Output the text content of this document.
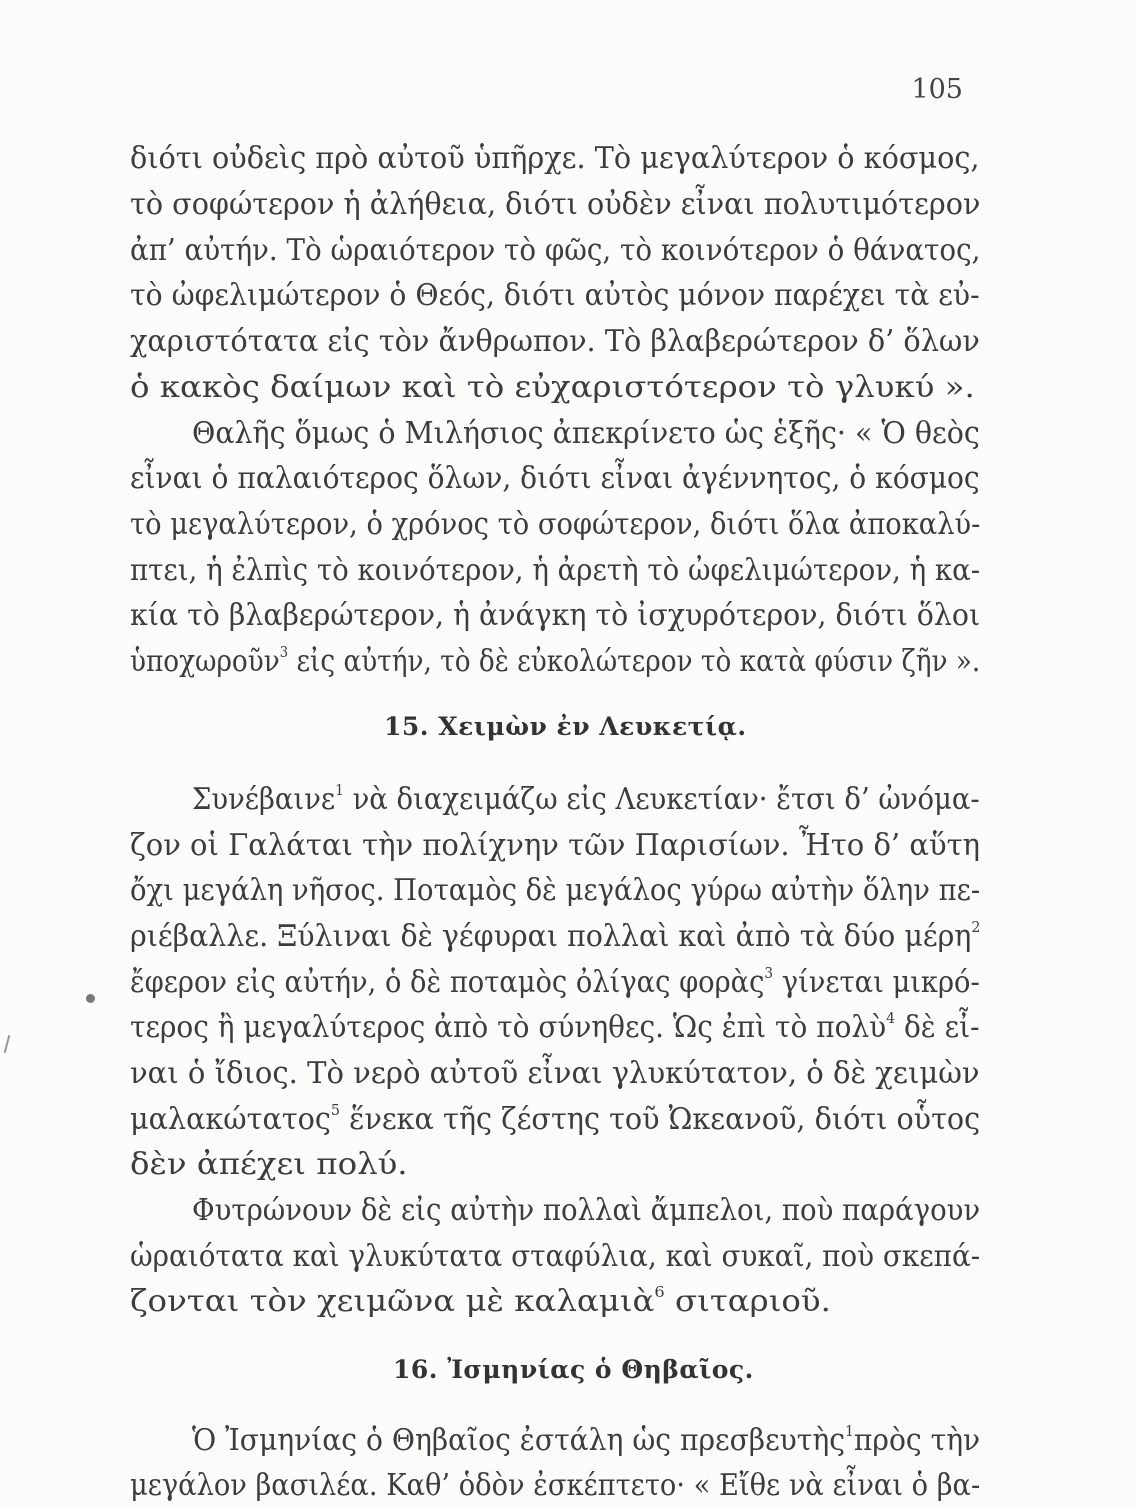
105
διότι οὐδεὶς πρὸ αὐτοῦ ὑπῆρχε. Τὸ μεγαλύτερον ὁ κόσμος,
τὸ σοφώτερον ἡ ἀλήθεια, διότι οὐδὲν εἶναι πολυτιμότερον
ἀπ’ αὐτήν. Τὸ ὡραιότερον τὸ φῶς, τὸ κοινότερον ὁ θάνατος,
τὸ ὠφελιμώτερον ὁ Θεός, διότι αὐτὸς μόνον παρέχει τὰ εὐ-
χαριστότατα εἰς τὸν ἄνθρωπον. Τὸ βλαβερώτερον δ’ ὅλων
ὁ κακὸς δαίμων καὶ τὸ εὐχαριστότερον τὸ γλυκύ ».
Θαλῆς ὅμως ὁ Μιλήσιος ἀπεκρίνετο ὡς ἑξῆς· « Ὁ θεὸς
εἶναι ὁ παλαιότερος ὅλων, διότι εἶναι ἀγέννητος, ὁ κόσμος
τὸ μεγαλύτερον, ὁ χρόνος τὸ σοφώτερον, διότι ὅλα ἀποκαλύ-
πτει, ἡ ἐλπὶς τὸ κοινότερον, ἡ ἀρετὴ τὸ ὠφελιμώτερον, ἡ κα-
κία τὸ βλαβερώτερον, ἡ ἀνάγκη τὸ ἰσχυρότερον, διότι ὅλοι
ὑποχωροῦν$^3$ εἰς αὐτήν, τὸ δὲ εὐκολώτερον τὸ κατὰ φύσιν ζῆν ».
15. Χειμὼν ἐν Λευκετίᾳ.
Συνέβαινε$^1$ νὰ διαχειμάζω εἰς Λευκετίαν· ἔτσι δ’ ὠνόμα-
ζον οἱ Γαλάται τὴν πολίχνην τῶν Παρισίων. Ἦτο δ’ αὕτη
ὄχι μεγάλη νῆσος. Ποταμὸς δὲ μεγάλος γύρω αὐτὴν ὅλην πε-
ριέβαλλε. Ξύλιναι δὲ γέφυραι πολλαὶ καὶ ἀπὸ τὰ δύο μέρη$^2$
ἔφερον εἰς αὐτήν, ὁ δὲ ποταμὸς ὀλίγας φορὰς$^3$ γίνεται μικρό-
τερος ἢ μεγαλύτερος ἀπὸ τὸ σύνηθες. Ὡς ἐπὶ τὸ πολὺ$^4$ δὲ εἶ-
ναι ὁ ἴδιος. Τὸ νερὸ αὐτοῦ εἶναι γλυκύτατον, ὁ δὲ χειμὼν
μαλακώτατος$^5$ ἕνεκα τῆς ζέστης τοῦ Ὠκεανοῦ, διότι οὗτος
δὲν ἀπέχει πολύ.
Φυτρώνουν δὲ εἰς αὐτὴν πολλαὶ ἄμπελοι, ποὺ παράγουν
ὡραιότατα καὶ γλυκύτατα σταφύλια, καὶ συκαῖ, ποὺ σκεπά-
ζονται τὸν χειμῶνα μὲ καλαμιὰ$^6$ σιταριοῦ.
16. Ἰσμηνίας ὁ Θηβαῖος.
Ὁ Ἰσμηνίας ὁ Θηβαῖος ἐστάλη ὡς πρεσβευτὴς$^1$πρὸς τὴν
μεγάλον βασιλέα. Καθ’ ὁδὸν ἐσκέπτετο· « Εἴθε νὰ εἶναι ὁ βα-
